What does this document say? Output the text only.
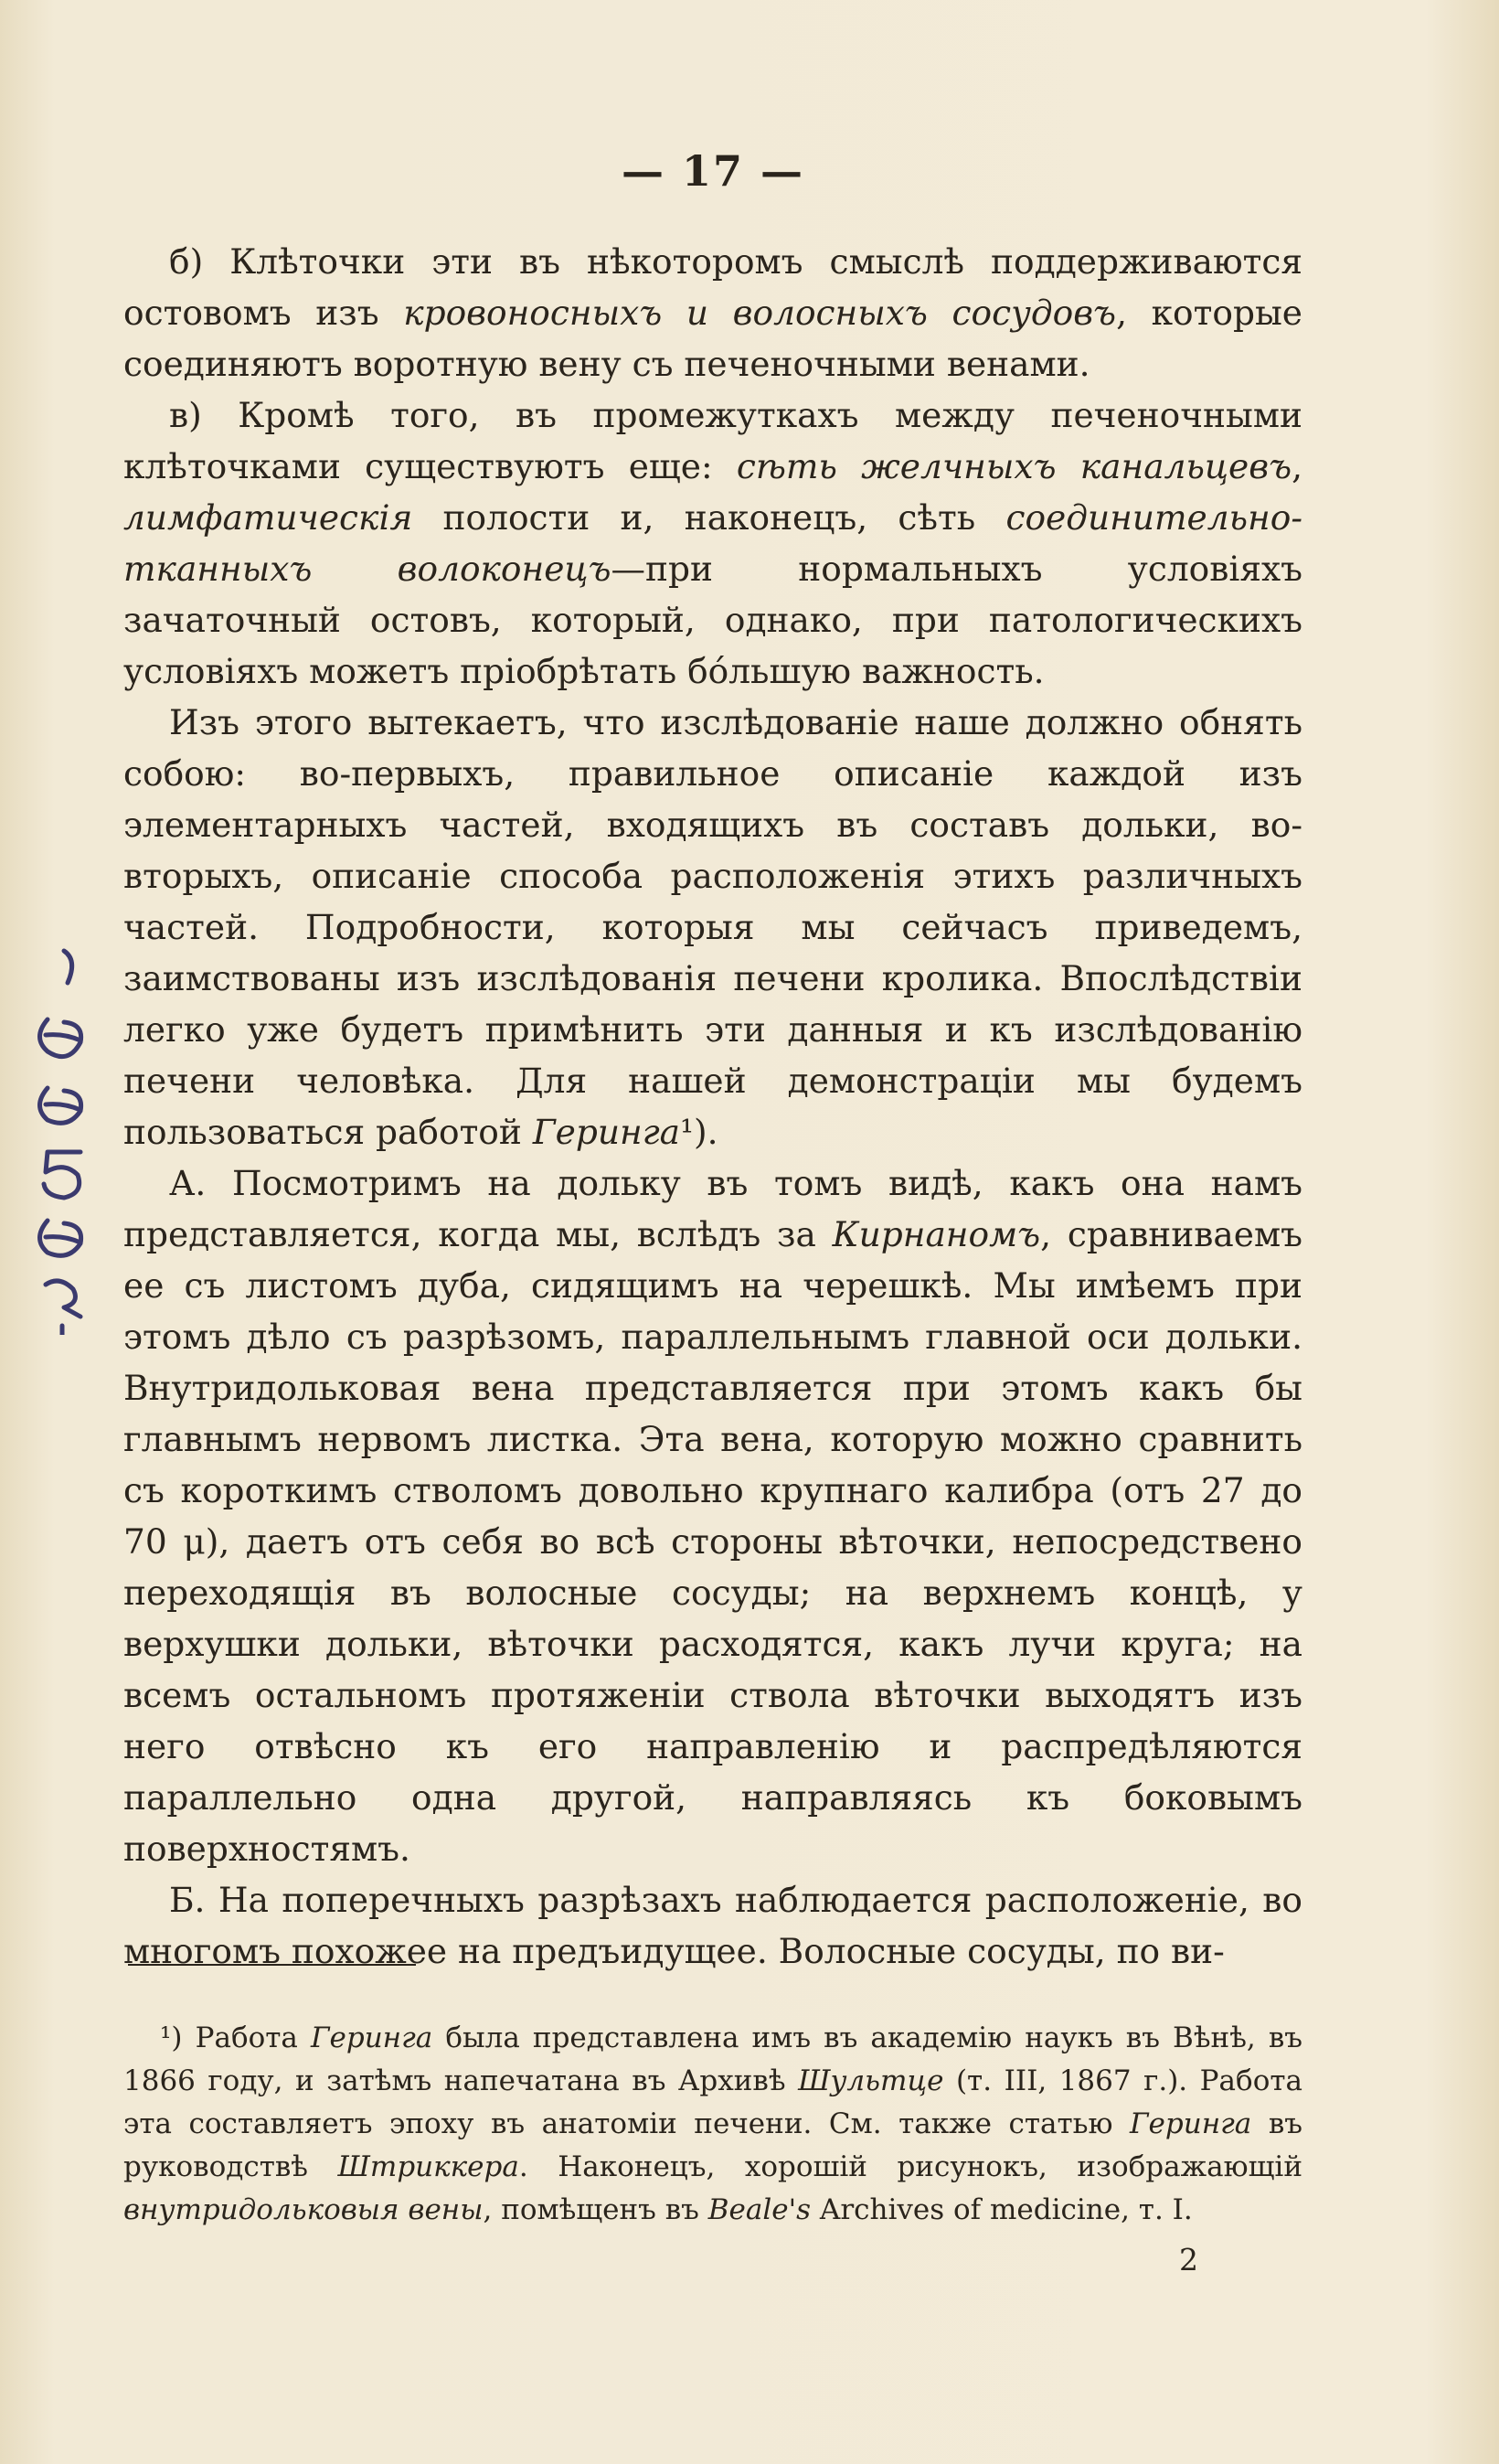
— 17 —

б) Клѣточки эти въ нѣкоторомъ смыслѣ поддерживаются остовомъ изъ кровоносныхъ и волосныхъ сосудовъ, которые соединяютъ воротную вену съ печеночными венами.

в) Кромѣ того, въ промежуткахъ между печеночными клѣточками существуютъ еще: сѣть желчныхъ канальцевъ, лимфатическія полости и, наконецъ, сѣть соединительно-тканныхъ волоконецъ—при нормальныхъ условіяхъ зачаточный остовъ, который, однако, при патологическихъ условіяхъ можетъ пріобрѣтать бо́льшую важность.

Изъ этого вытекаетъ, что изслѣдованіе наше должно обнять собою: во-первыхъ, правильное описаніе каждой изъ элементарныхъ частей, входящихъ въ составъ дольки, во-вторыхъ, описаніе способа расположенія этихъ различныхъ частей. Подробности, которыя мы сейчасъ приведемъ, заимствованы изъ изслѣдованія печени кролика. Впослѣдствіи легко уже будетъ примѣнить эти данныя и къ изслѣдованію печени человѣка. Для нашей демонстраціи мы будемъ пользоваться работой Геринга¹).

А. Посмотримъ на дольку въ томъ видѣ, какъ она намъ представляется, когда мы, вслѣдъ за Кирнаномъ, сравниваемъ ее съ листомъ дуба, сидящимъ на черешкѣ. Мы имѣемъ при этомъ дѣло съ разрѣзомъ, параллельнымъ главной оси дольки. Внутридольковая вена представляется при этомъ какъ бы главнымъ нервомъ листка. Эта вена, которую можно сравнить съ короткимъ стволомъ довольно крупнаго калибра (отъ 27 до 70 μ), даетъ отъ себя во всѣ стороны вѣточки, непосредствено переходящія въ волосные сосуды; на верхнемъ концѣ, у верхушки дольки, вѣточки расходятся, какъ лучи круга; на всемъ остальномъ протяженіи ствола вѣточки выходятъ изъ него отвѣсно къ его направленію и распредѣляются параллельно одна другой, направляясь къ боковымъ поверхностямъ.

Б. На поперечныхъ разрѣзахъ наблюдается расположеніе, во многомъ похожее на предъидущее. Волосные сосуды, по ви-

¹) Работа Геринга была представлена имъ въ академію наукъ въ Вѣнѣ, въ 1866 году, и затѣмъ напечатана въ Архивѣ Шультце (т. III, 1867 г.). Работа эта составляетъ эпоху въ анатоміи печени. См. также статью Геринга въ руководствѣ Штриккера. Наконецъ, хорошій рисунокъ, изображающій внутридольковыя вены, помѣщенъ въ Beale's Archives of medicine, т. I.

2
